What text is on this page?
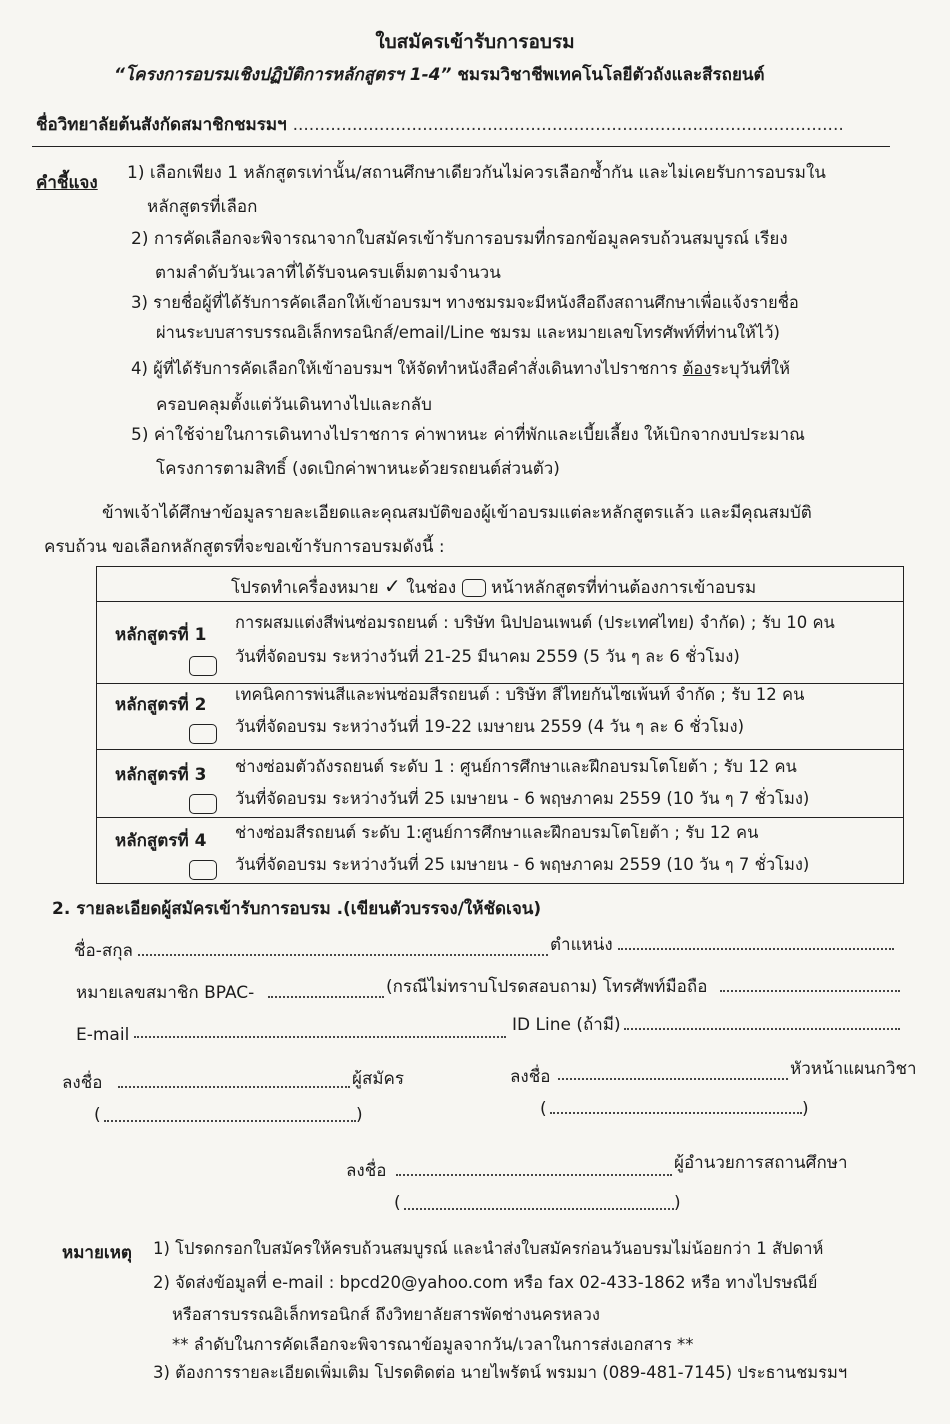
ใบสมัครเข้ารับการอบรม
“โครงการอบรมเชิงปฏิบัติการหลักสูตรฯ 1-4” ชมรมวิชาชีพเทคโนโลยีตัวถังและสีรถยนต์
ชื่อวิทยาลัยต้นสังกัดสมาชิกชมรมฯ ......................................................................................................
คำชี้แจง 1) เลือกเพียง 1 หลักสูตรเท่านั้น/สถานศึกษาเดียวกันไม่ควรเลือกซ้ำกัน และไม่เคยรับการอบรมใน
หลักสูตรที่เลือก
2) การคัดเลือกจะพิจารณาจากใบสมัครเข้ารับการอบรมที่กรอกข้อมูลครบถ้วนสมบูรณ์ เรียง
ตามลำดับวันเวลาที่ได้รับจนครบเต็มตามจำนวน
3) รายชื่อผู้ที่ได้รับการคัดเลือกให้เข้าอบรมฯ ทางชมรมจะมีหนังสือถึงสถานศึกษาเพื่อแจ้งรายชื่อ
ผ่านระบบสารบรรณอิเล็กทรอนิกส์/email/Line ชมรม และหมายเลขโทรศัพท์ที่ท่านให้ไว้)
4) ผู้ที่ได้รับการคัดเลือกให้เข้าอบรมฯ ให้จัดทำหนังสือคำสั่งเดินทางไปราชการ ต้องระบุวันที่ให้
ครอบคลุมตั้งแต่วันเดินทางไปและกลับ
5) ค่าใช้จ่ายในการเดินทางไปราชการ ค่าพาหนะ ค่าที่พักและเบี้ยเลี้ยง ให้เบิกจากงบประมาณ
โครงการตามสิทธิ์ (งดเบิกค่าพาหนะด้วยรถยนต์ส่วนตัว)
ข้าพเจ้าได้ศึกษาข้อมูลรายละเอียดและคุณสมบัติของผู้เข้าอบรมแต่ละหลักสูตรแล้ว และมีคุณสมบัติ
ครบถ้วน ขอเลือกหลักสูตรที่จะขอเข้ารับการอบรมดังนี้ :
โปรดทำเครื่องหมาย ✓ ในช่อง หน้าหลักสูตรที่ท่านต้องการเข้าอบรม
หลักสูตรที่ 1
การผสมแต่งสีพ่นซ่อมรถยนต์ : บริษัท นิปปอนเพนต์ (ประเทศไทย) จำกัด) ; รับ 10 คน
วันที่จัดอบรม ระหว่างวันที่ 21-25 มีนาคม 2559 (5 วัน ๆ ละ 6 ชั่วโมง)
หลักสูตรที่ 2
เทคนิคการพ่นสีและพ่นซ่อมสีรถยนต์ : บริษัท สีไทยกันไซเพ้นท์ จำกัด ; รับ 12 คน
วันที่จัดอบรม ระหว่างวันที่ 19-22 เมษายน 2559 (4 วัน ๆ ละ 6 ชั่วโมง)
หลักสูตรที่ 3 ช่างซ่อมตัวถังรถยนต์ ระดับ 1 : ศูนย์การศึกษาและฝึกอบรมโตโยต้า ; รับ 12 คน
วันที่จัดอบรม ระหว่างวันที่ 25 เมษายน - 6 พฤษภาคม 2559 (10 วัน ๆ 7 ชั่วโมง)
หลักสูตรที่ 4 ช่างซ่อมสีรถยนต์ ระดับ 1:ศูนย์การศึกษาและฝึกอบรมโตโยต้า ; รับ 12 คน
วันที่จัดอบรม ระหว่างวันที่ 25 เมษายน - 6 พฤษภาคม 2559 (10 วัน ๆ 7 ชั่วโมง)
2. รายละเอียดผู้สมัครเข้ารับการอบรม .(เขียนตัวบรรจง/ให้ชัดเจน)
ชื่อ-สกุล	ตำแหน่ง
หมายเลขสมาชิก BPAC-	(กรณีไม่ทราบโปรดสอบถาม) โทรศัพท์มือถือ
E-mail	ID Line (ถ้ามี)
ลงชื่อ	ผู้สมัคร
(	)
ลงชื่อ	หัวหน้าแผนกวิชา
(	)
ลงชื่อ	ผู้อำนวยการสถานศึกษา
(	)
หมายเหตุ 1) โปรดกรอกใบสมัครให้ครบถ้วนสมบูรณ์ และนำส่งใบสมัครก่อนวันอบรมไม่น้อยกว่า 1 สัปดาห์
2) จัดส่งข้อมูลที่ e-mail : bpcd20@yahoo.com หรือ fax 02-433-1862 หรือ ทางไปรษณีย์
หรือสารบรรณอิเล็กทรอนิกส์ ถึงวิทยาลัยสารพัดช่างนครหลวง
** ลำดับในการคัดเลือกจะพิจารณาข้อมูลจากวัน/เวลาในการส่งเอกสาร **
3) ต้องการรายละเอียดเพิ่มเติม โปรดติดต่อ นายไพรัตน์ พรมมา (089-481-7145) ประธานชมรมฯ
